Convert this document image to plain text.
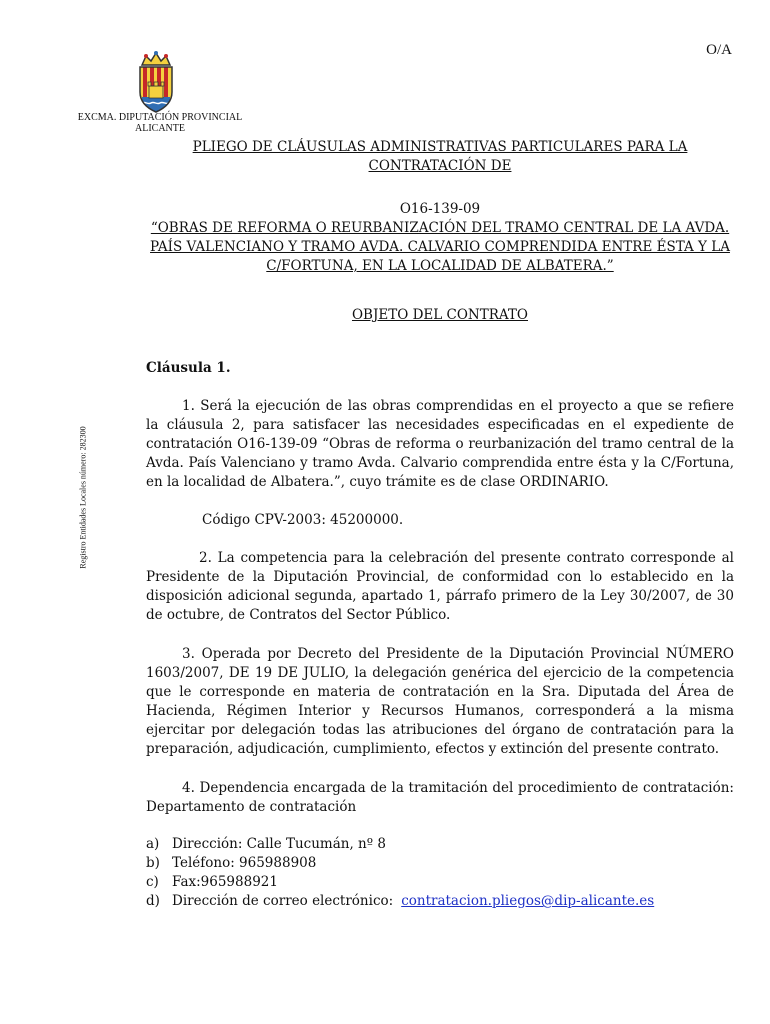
O/A
EXCMA. DIPUTACIÓN PROVINCIAL
ALICANTE
Registro Entidades Locales número: 282300

PLIEGO DE CLÁUSULAS ADMINISTRATIVAS PARTICULARES PARA LA CONTRATACIÓN DE

O16-139-09

“OBRAS DE REFORMA O REURBANIZACIÓN DEL TRAMO CENTRAL DE LA AVDA. PAÍS VALENCIANO Y TRAMO AVDA. CALVARIO COMPRENDIDA ENTRE ÉSTA Y LA C/FORTUNA, EN LA LOCALIDAD DE ALBATERA.”

OBJETO DEL CONTRATO

Cláusula 1.

1. Será la ejecución de las obras comprendidas en el proyecto a que se refiere la cláusula 2, para satisfacer las necesidades especificadas en el expediente de contratación O16-139-09 “Obras de reforma o reurbanización del tramo central de la Avda. País Valenciano y tramo Avda. Calvario comprendida entre ésta y la C/Fortuna, en la localidad de Albatera.”, cuyo trámite es de clase ORDINARIO.

Código CPV-2003: 45200000.

2. La competencia para la celebración del presente contrato corresponde al Presidente de la Diputación Provincial, de conformidad con lo establecido en la disposición adicional segunda, apartado 1, párrafo primero de la Ley 30/2007, de 30 de octubre, de Contratos del Sector Público.

3. Operada por Decreto del Presidente de la Diputación Provincial NÚMERO 1603/2007, DE 19 DE JULIO, la delegación genérica del ejercicio de la competencia que le corresponde en materia de contratación en la Sra. Diputada del Área de Hacienda, Régimen Interior y Recursos Humanos, corresponderá a la misma ejercitar por delegación todas las atribuciones del órgano de contratación para la preparación, adjudicación, cumplimiento, efectos y extinción del presente contrato.

4. Dependencia encargada de la tramitación del procedimiento de contratación: Departamento de contratación

a) Dirección: Calle Tucumán, nº 8
b) Teléfono: 965988908
c) Fax:965988921
d) Dirección de correo electrónico: contratacion.pliegos@dip-alicante.es
